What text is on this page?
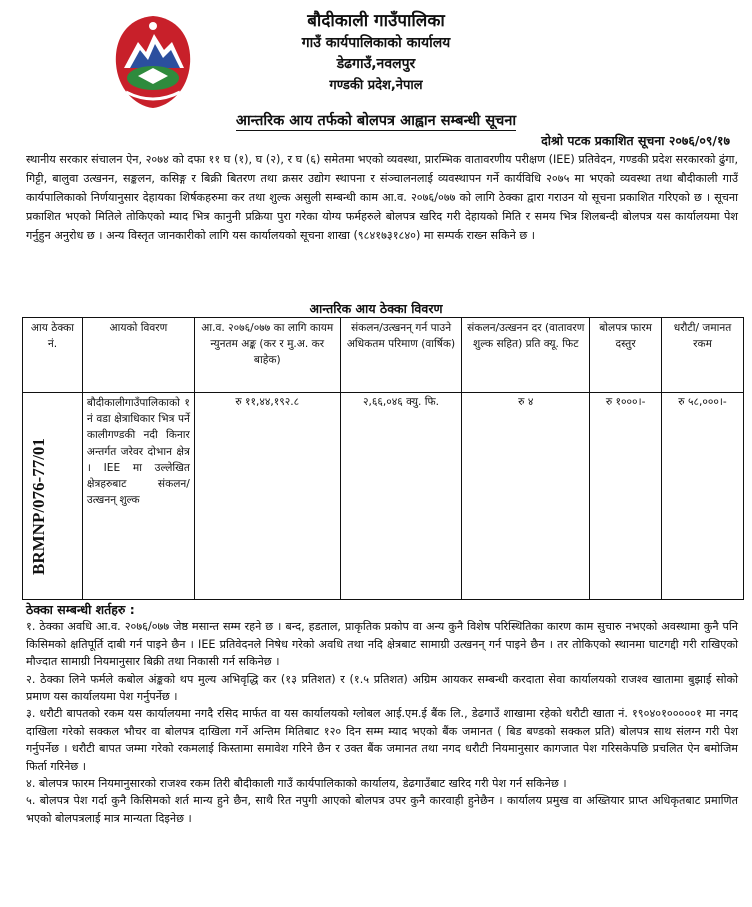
बौदीकाली गाउँपालिका
गाउँ कार्यपालिकाको कार्यालय
डेढगाउँ,नवलपुर
गण्डकी प्रदेश,नेपाल
आन्तरिक आय तर्फको बोलपत्र आह्वान सम्बन्धी सूचना
दोश्रो पटक प्रकाशित सूचना २०७६/०९/१७
स्थानीय सरकार संचालन ऐन, २०७४ को दफा ११ घ (१), घ (२), र घ (६) समेतमा भएको व्यवस्था, प्रारम्भिक वातावरणीय परीक्षण (IEE) प्रतिवेदन, गण्डकी प्रदेश सरकारको ढुंगा, गिट्टी, बालुवा उत्खनन, सङ्कलन, कसिङ्ग र बिक्री बितरण तथा क्रसर उद्योग स्थापना र संञ्चालनलाई व्यवस्थापन गर्ने कार्यविधि २०७५ मा भएको व्यवस्था तथा बौदीकाली गाउँ कार्यपालिकाको निर्णयानुसार देहायका शिर्षकहरुमा कर तथा शुल्क असुली सम्बन्धी काम आ.व. २०७६/०७७ को लागि ठेक्का द्वारा गराउन यो सूचना प्रकाशित गरिएको छ । सूचना प्रकाशित भएको मितिले तोकिएको म्याद भित्र कानुनी प्रक्रिया पुरा गरेका योग्य फर्महरुले बोलपत्र खरिद गरी देहायको मिति र समय भित्र शिलबन्दी बोलपत्र यस कार्यालयमा पेश गर्नुहुन अनुरोध छ । अन्य विस्तृत जानकारीको लागि यस कार्यालयको सूचना शाखा (९८४१७३१८४०) मा सम्पर्क राख्न सकिने छ ।
आन्तरिक आय ठेक्का विवरण
आय ठेक्का नं.	आयको विवरण	आ.व. २०७६/०७७ का लागि कायम न्युनतम अङ्क (कर र मु.अ. कर बाहेक)	संकलन/उत्खनन् गर्न पाउने अधिकतम परिमाण (वार्षिक)	संकलन/उत्खनन दर (वातावरण शुल्क सहित) प्रति क्यू. फिट	बोलपत्र फारम दस्तुर	धरौटी/ जमानत रकम

BRMNP/076-77/01	बौदीकालीगाउँपालिकाको १ नं वडा क्षेत्राधिकार भित्र पर्ने कालीगण्डकी नदी किनार अन्तर्गत जरेवर दोभान क्षेत्र । IEE मा उल्लेखित क्षेत्रहरुबाट संकलन/उत्खनन् शुल्क	रु ११,४४,१९२.८	२,६६,०४६ क्यु. फि.	रु ४	रु १०००।-	रु ५८,०००।-

ठेक्का सम्बन्धी शर्तहरु :

१. ठेक्का अवधि आ.व. २०७६/०७७ जेष्ठ मसान्त सम्म रहने छ । बन्द, हडताल, प्राकृतिक प्रकोप वा अन्य कुनै विशेष परिस्थितिका कारण काम सुचारु नभएको अवस्थामा कुनै पनि किसिमको क्षतिपूर्ति दाबी गर्न पाइने छैन । IEE प्रतिवेदनले निषेध गरेको अवधि तथा नदि क्षेत्रबाट सामाग्री उत्खनन् गर्न पाइने छैन । तर तोकिएको स्थानमा घाटगद्दी गरी राखिएको मौज्दात सामाग्री नियमानुसार बिक्री तथा निकासी गर्न सकिनेछ ।

२. ठेक्का लिने फर्मले कबोल अंङ्कको थप मुल्य अभिवृद्धि कर (१३ प्रतिशत) र (१.५ प्रतिशत) अग्रिम आयकर सम्बन्धी करदाता सेवा कार्यालयको राजश्व खातामा बुझाई सोको प्रमाण यस कार्यालयमा पेश गर्नुपर्नेछ ।

३. धरौटी बापतको रकम यस कार्यालयमा नगदै रसिद मार्फत वा यस कार्यालयको ग्लोबल आई.एम.ई बैंक लि., डेढगाउँ शाखामा रहेको धरौटी खाता नं. १९०४०१०००००१ मा नगद दाखिला गरेको सक्कल भौचर वा बोलपत्र दाखिला गर्ने अन्तिम मितिबाट १२० दिन सम्म म्याद भएको बैंक जमानत ( बिड बण्डको सक्कल प्रति) बोलपत्र साथ संलग्न गरी पेश गर्नुपर्नेछ । धरौटी बापत जम्मा गरेको रकमलाई किस्तामा समावेश गरिने छैन र उक्त बैंक जमानत तथा नगद धरौटी नियमानुसार कागजात पेश गरिसकेपछि प्रचलित ऐन बमोजिम फिर्ता गरिनेछ ।

४. बोलपत्र फारम नियमानुसारको राजश्व रकम तिरी बौदीकाली गाउँ कार्यपालिकाको कार्यालय, डेढगाउँबाट खरिद गरी पेश गर्न सकिनेछ ।

५. बोलपत्र पेश गर्दा कुनै किसिमको शर्त मान्य हुने छैन, साथै रित नपुगी आएको बोलपत्र उपर कुनै कारवाही हुनेछैन । कार्यालय प्रमुख वा अख्तियार प्राप्त अधिकृतबाट प्रमाणित भएको बोलपत्रलाई मात्र मान्यता दिइनेछ ।
